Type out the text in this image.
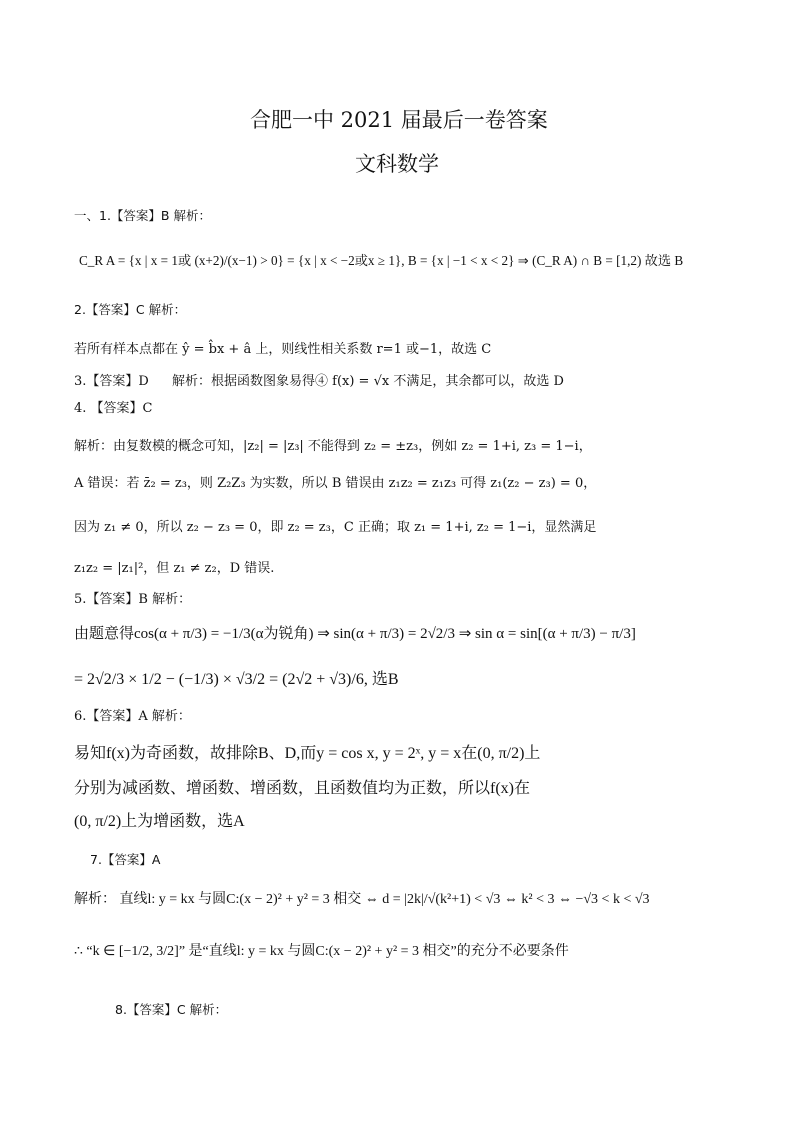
合肥一中 2021 届最后一卷答案
文科数学
一、1.【答案】B 解析：
C_R A = {x | x = 1或 (x+2)/(x−1) > 0} = {x | x < −2或x ≥ 1}, B = {x | −1 < x < 2} ⇒ (C_R A) ∩ B = [1,2) 故选 B
2.【答案】C 解析：
若所有样本点都在 ŷ = b̂x + â 上，则线性相关系数 r=1 或−1，故选 C
3.【答案】D 解析：根据函数图象易得④ f(x) = √x 不满足，其余都可以，故选 D
4. 【答案】C
解析：由复数模的概念可知，|z₂| = |z₃| 不能得到 z₂ = ±z₃，例如 z₂ = 1+i, z₃ = 1−i，
A 错误：若 z̄₂ = z₃，则 Z₂Z₃ 为实数，所以 B 错误由 z₁z₂ = z₁z₃ 可得 z₁(z₂ − z₃) = 0，
因为 z₁ ≠ 0，所以 z₂ − z₃ = 0，即 z₂ = z₃，C 正确；取 z₁ = 1+i, z₂ = 1−i，显然满足
z₁z₂ = |z₁|²，但 z₁ ≠ z₂，D 错误.
5.【答案】B 解析：
由题意得cos(α + π/3) = −1/3(α为锐角) ⇒ sin(α + π/3) = 2√2/3 ⇒ sin α = sin[(α + π/3) − π/3]
= 2√2/3 × 1/2 − (−1/3) × √3/2 = (2√2 + √3)/6, 选B
6.【答案】A 解析：
易知f(x)为奇函数，故排除B、D,而y = cos x, y = 2ˣ, y = x在(0, π/2)上
分别为减函数、增函数、增函数，且函数值均为正数，所以f(x)在
(0, π/2)上为增函数，选A
7.【答案】A
解析： 直线l: y = kx 与圆C:(x − 2)² + y² = 3 相交 ⇔ d = |2k|/√(k²+1) < √3 ⇔ k² < 3 ⇔ −√3 < k < √3
∴ “k ∈ [−1/2, 3/2]” 是“直线l: y = kx 与圆C:(x − 2)² + y² = 3 相交”的充分不必要条件
8.【答案】C 解析：
